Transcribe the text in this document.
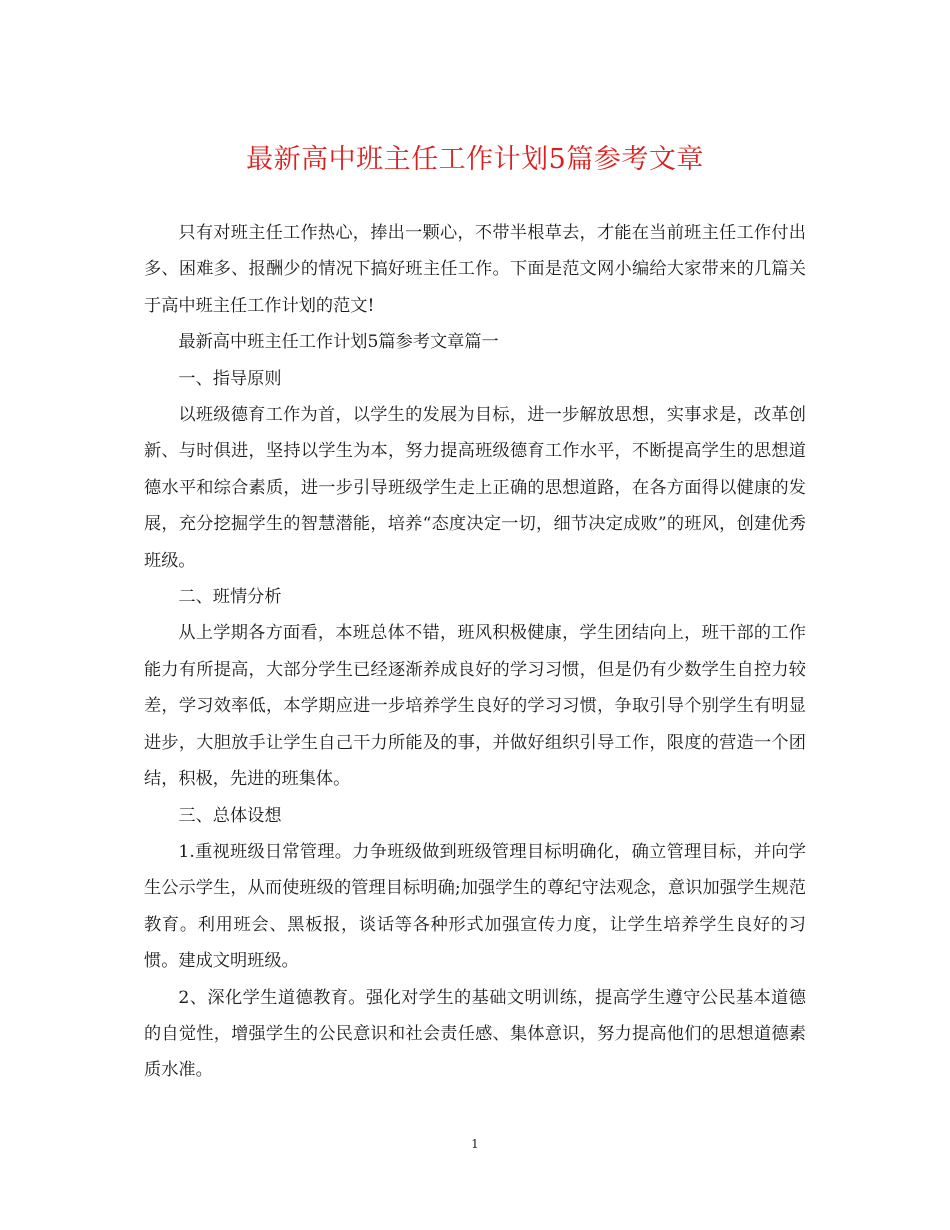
最新高中班主任工作计划5篇参考文章

只有对班主任工作热心，捧出一颗心，不带半根草去，才能在当前班主任工作付出多、困难多、报酬少的情况下搞好班主任工作。下面是范文网小编给大家带来的几篇关于高中班主任工作计划的范文!

最新高中班主任工作计划5篇参考文章篇一

一、指导原则

以班级德育工作为首，以学生的发展为目标，进一步解放思想，实事求是，改革创新、与时俱进，坚持以学生为本，努力提高班级德育工作水平，不断提高学生的思想道德水平和综合素质，进一步引导班级学生走上正确的思想道路，在各方面得以健康的发展，充分挖掘学生的智慧潜能，培养“态度决定一切，细节决定成败”的班风，创建优秀班级。

二、班情分析

从上学期各方面看，本班总体不错，班风积极健康，学生团结向上，班干部的工作能力有所提高，大部分学生已经逐渐养成良好的学习习惯，但是仍有少数学生自控力较差，学习效率低，本学期应进一步培养学生良好的学习习惯，争取引导个别学生有明显进步，大胆放手让学生自己干力所能及的事，并做好组织引导工作，限度的营造一个团结，积极，先进的班集体。

三、总体设想

1.重视班级日常管理。力争班级做到班级管理目标明确化，确立管理目标，并向学生公示学生，从而使班级的管理目标明确;加强学生的尊纪守法观念，意识加强学生规范教育。利用班会、黑板报，谈话等各种形式加强宣传力度，让学生培养学生良好的习惯。建成文明班级。

2、深化学生道德教育。强化对学生的基础文明训练，提高学生遵守公民基本道德的自觉性，增强学生的公民意识和社会责任感、集体意识，努力提高他们的思想道德素质水准。

1
